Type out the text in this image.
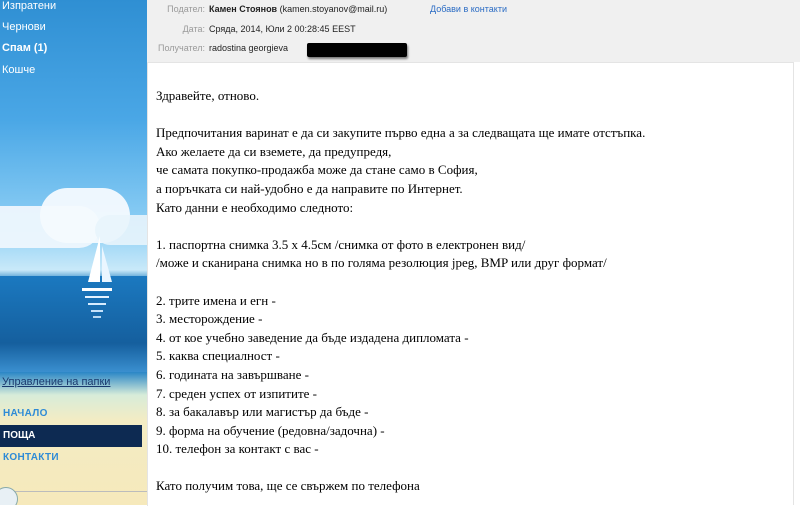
Изпратени
Чернови
Спам (1)
Кошче
Управление на папки
НАЧАЛО
ПОЩА
КОНТАКТИ
Подател: Камен Стоянов (kamen.stoyanov@mail.ru)	Добави в контакти
Дата: Сряда, 2014, Юли 2 00:28:45 EEST
Получател: radostina georgieva
Здравейте, отново.
Предпочитания варинат е да си закупите първо една а за следващата ще имате отстъпка.
Ако желаете да си вземете, да предупредя,
че самата покупко-продажба може да стане само в София,
а поръчката си най-удобно е да направите по Интернет.
Като данни е необходимо следното:
1. паспортна снимка 3.5 x 4.5см /снимка от фото в електронен вид/
/може и сканирана снимка но в по голяма резолюция jpeg, BMP или друг формат/
2. трите имена и егн -
3. месторождение -
4. от кое учебно заведение да бъде издадена дипломата -
5. каква специалност -
6. годината на завършване -
7. среден успех от изпитите -
8. за бакалавър или магистър да бъде -
9. форма на обучение (редовна/задочна) -
10. телефон за контакт с вас -
Като получим това, ще се свържем по телефона
